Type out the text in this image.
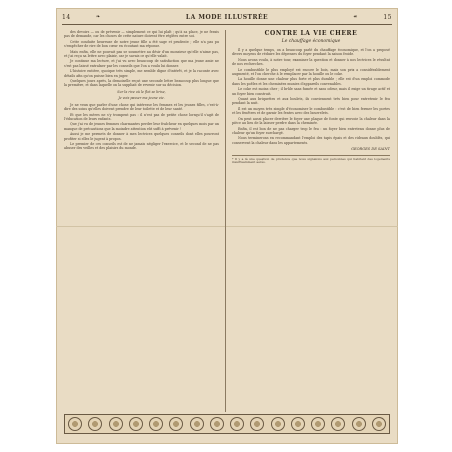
14	❧	LA MODE ILLUSTRÉE	☙	15

des devoirs — ou de prévenir — simplement ce qui lui plaît ; qu'à sa place, je ne ferais pas de demande, car les choses de cette nature doivent être réglées entre soi.

Cette conduite heureuse de notre jeune fille a été sage et prudente ; elle n'a pas pu s'empêcher de rire de bon cœur en écoutant ma réponse.

Mais enfin, elle ne pouvait pas se soumettre au désir d'un monsieur qu'elle n'aime pas, et j'ai reçu sa lettre avec plaisir, car je savais ce qu'elle valait.

Je continue ma lecture, et j'ai vu avec beaucoup de satisfaction que ma jeune amie ne s'est pas laissé entraîner par les conseils que l'on a voulu lui donner.

L'histoire entière, quoique très simple, me semble digne d'intérêt, et je la raconte avec détails afin qu'on puisse bien en juger.

Quelques jours après, la demoiselle reçut une seconde lettre beaucoup plus longue que la première, et dans laquelle on la suppliait de revenir sur sa décision.

Sur la rive où le flot se brise,

Je vois passer ma jeune vie.

Je ne veux que parler d'une chose qui intéresse les femmes et les jeunes filles, c'est-à-dire des soins qu'elles doivent prendre de leur toilette et de leur santé.

Et que les mères ne s'y trompent pas : il n'est pas de petite chose lorsqu'il s'agit de l'éducation de leurs enfants.

Que j'ai vu de jeunes femmes charmantes perdre leur fraîcheur en quelques mois par un manque de précautions que la moindre attention eût suffi à prévenir !

Aussi je me permets de donner à mes lectrices quelques conseils dont elles pourront profiter si elles le jugent à propos.

Le premier de ces conseils est de ne jamais négliger l'exercice, et le second de ne pas abuser des veilles et des plaisirs du monde.

CONTRE LA VIE CHERE
Le chauffage économique

Il y a quelque temps, on a beaucoup parlé du chauffage économique, et l'on a proposé divers moyens de réduire les dépenses du foyer pendant la saison froide.

Nous avons voulu, à notre tour, examiner la question et donner à nos lectrices le résultat de nos recherches.

Le combustible le plus employé est encore le bois, mais son prix a considérablement augmenté, et l'on cherche à le remplacer par la houille ou le coke.

La houille donne une chaleur plus forte et plus durable ; elle est d'un emploi commode dans les poêles et les cheminées munies d'appareils convenables.

Le coke est moins cher ; il brûle sans fumée et sans odeur, mais il exige un tirage actif et un foyer bien construit.

Quant aux briquettes et aux boulets, ils conviennent très bien pour entretenir le feu pendant la nuit.

Il est un moyen très simple d'économiser le combustible : c'est de bien fermer les portes et les fenêtres et de garnir les fentes avec des bourrelets.

On peut aussi placer derrière le foyer une plaque de fonte qui renvoie la chaleur dans la pièce au lieu de la laisser perdre dans la cheminée.

Enfin, il est bon de ne pas charger trop le feu : un foyer bien entretenu donne plus de chaleur qu'un foyer surchargé.

Nous terminerons en recommandant l'emploi des tapis épais et des rideaux doublés, qui conservent la chaleur dans les appartements.

GEORGES DE SAINT
* Il y a là une question de prudence que nous signalons aux personnes qui habitent des logements insuffisamment aérés.
